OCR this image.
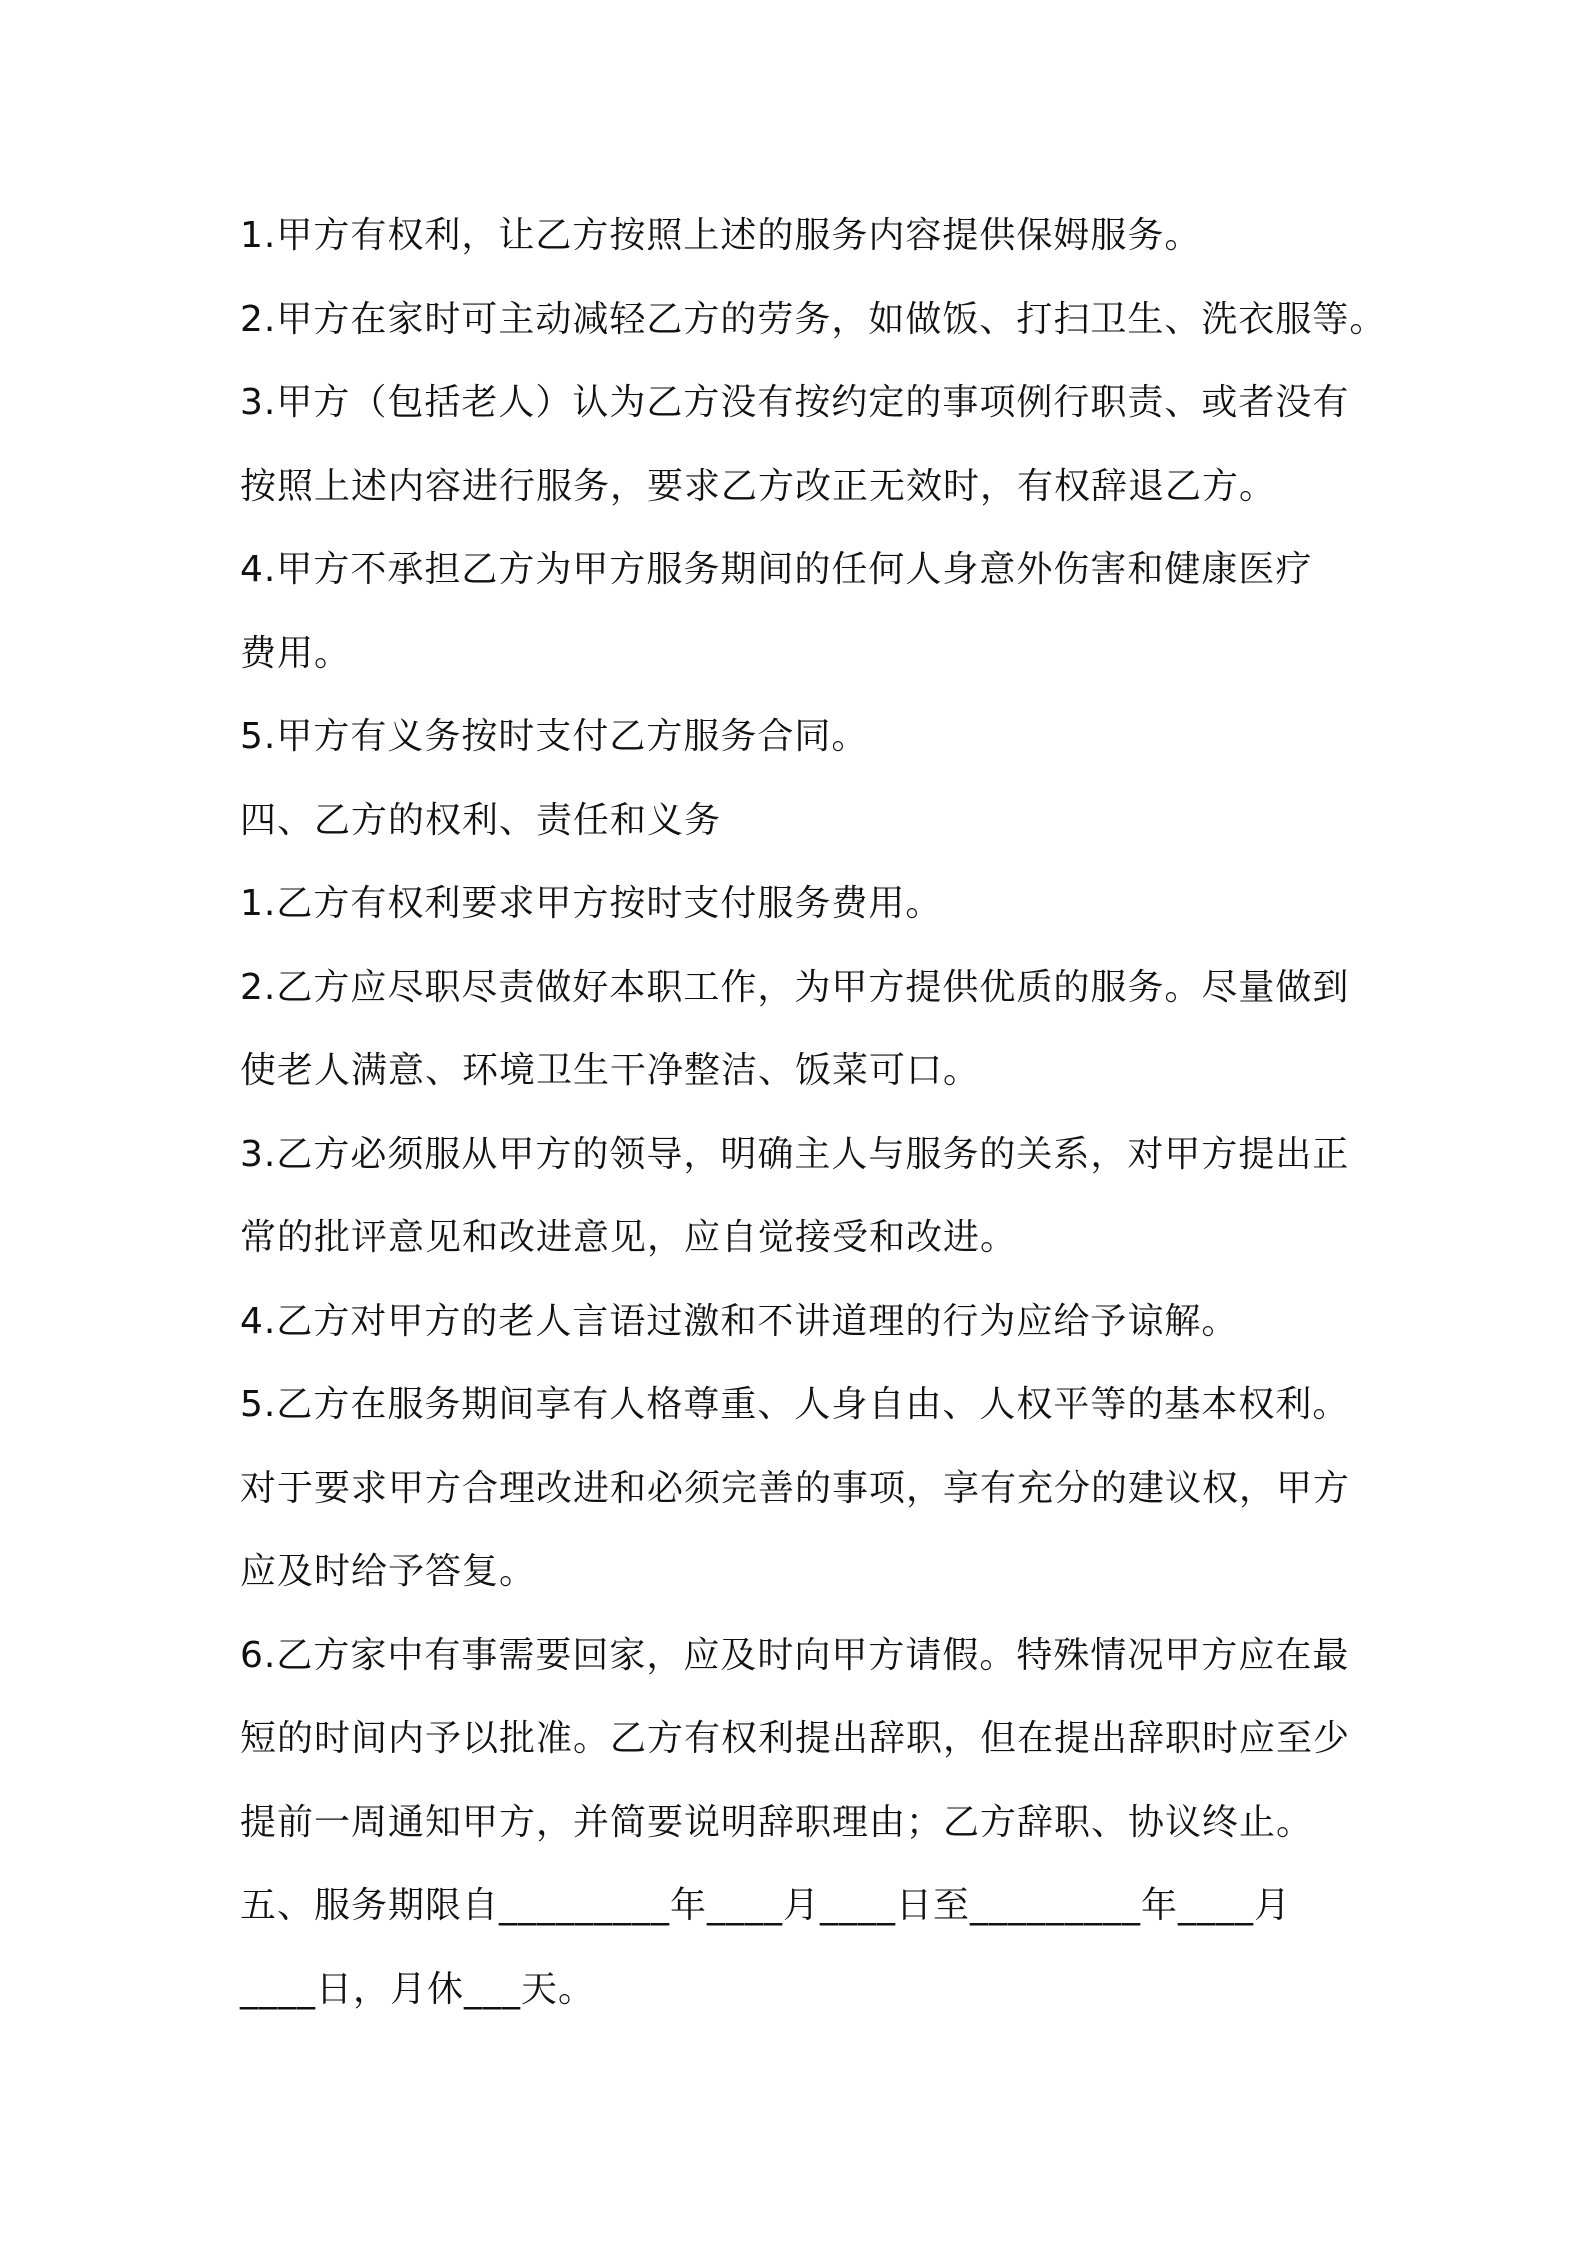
1.甲方有权利，让乙方按照上述的服务内容提供保姆服务。
2.甲方在家时可主动减轻乙方的劳务，如做饭、打扫卫生、洗衣服等。
3.甲方（包括老人）认为乙方没有按约定的事项例行职责、或者没有
按照上述内容进行服务，要求乙方改正无效时，有权辞退乙方。
4.甲方不承担乙方为甲方服务期间的任何人身意外伤害和健康医疗
费用。
5.甲方有义务按时支付乙方服务合同。
四、乙方的权利、责任和义务
1.乙方有权利要求甲方按时支付服务费用。
2.乙方应尽职尽责做好本职工作，为甲方提供优质的服务。尽量做到
使老人满意、环境卫生干净整洁、饭菜可口。
3.乙方必须服从甲方的领导，明确主人与服务的关系，对甲方提出正
常的批评意见和改进意见，应自觉接受和改进。
4.乙方对甲方的老人言语过激和不讲道理的行为应给予谅解。
5.乙方在服务期间享有人格尊重、人身自由、人权平等的基本权利。
对于要求甲方合理改进和必须完善的事项，享有充分的建议权，甲方
应及时给予答复。
6.乙方家中有事需要回家，应及时向甲方请假。特殊情况甲方应在最
短的时间内予以批准。乙方有权利提出辞职，但在提出辞职时应至少
提前一周通知甲方，并简要说明辞职理由；乙方辞职、协议终止。
五、服务期限自_________年____月____日至_________年____月
____日，月休___天。
